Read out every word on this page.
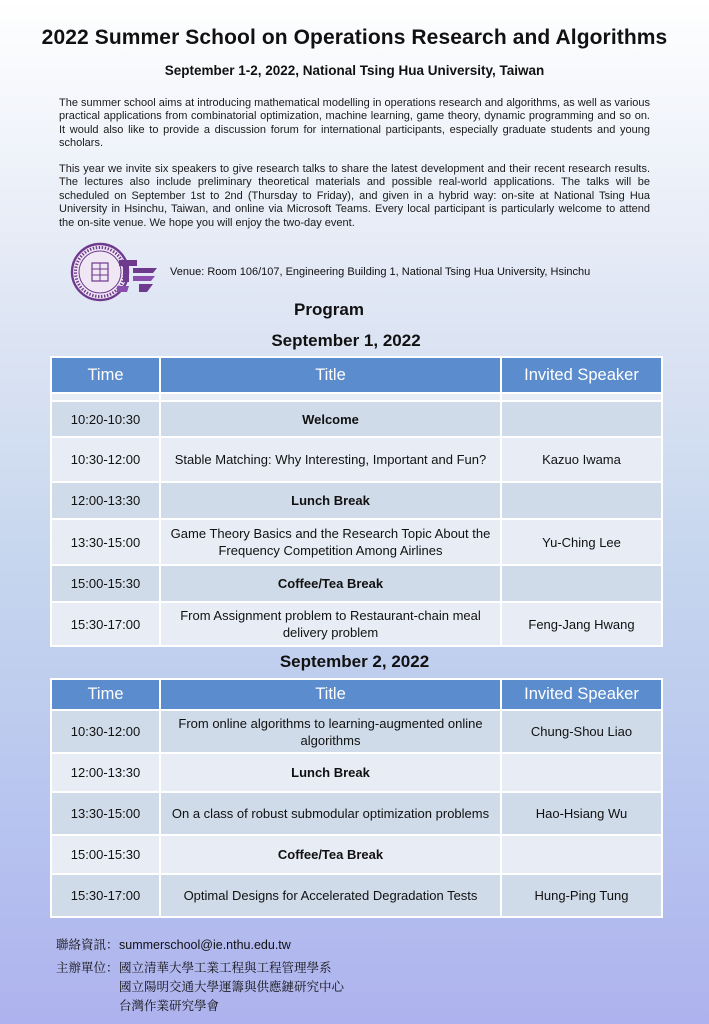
2022 Summer School on Operations Research and Algorithms
September 1-2, 2022, National Tsing Hua University, Taiwan

The summer school aims at introducing mathematical modelling in operations research and algorithms, as well as various practical applications from combinatorial optimization, machine learning, game theory, dynamic programming and so on. It would also like to provide a discussion forum for international participants, especially graduate students and young scholars.

This year we invite six speakers to give research talks to share the latest development and their recent research results. The lectures also include preliminary theoretical materials and possible real-world applications. The talks will be scheduled on September 1st to 2nd (Thursday to Friday), and given in a hybrid way: on-site at National Tsing Hua University in Hsinchu, Taiwan, and online via Microsoft Teams. Every local participant is particularly welcome to attend the on-site venue. We hope you will enjoy the two-day event.

Venue: Room 106/107, Engineering Building 1, National Tsing Hua University, Hsinchu
Program
September 1, 2022
Time	Title	Invited Speaker

10:20-10:30	Welcome	
10:30-12:00	Stable Matching: Why Interesting, Important and Fun?	Kazuo Iwama
12:00-13:30	Lunch Break	
13:30-15:00	Game Theory Basics and the Research Topic About the Frequency Competition Among Airlines	Yu-Ching Lee
15:00-15:30	Coffee/Tea Break	
15:30-17:00	From Assignment problem to Restaurant-chain meal delivery problem	Feng-Jang Hwang
September 2, 2022
Time	Title	Invited Speaker
10:30-12:00	From online algorithms to learning-augmented online algorithms	Chung-Shou Liao
12:00-13:30	Lunch Break	
13:30-15:00	On a class of robust submodular optimization problems	Hao-Hsiang Wu
15:00-15:30	Coffee/Tea Break	
15:30-17:00	Optimal Designs for Accelerated Degradation Tests	Hung-Ping Tung
聯絡資訊：summerschool@ie.nthu.edu.tw
主辦單位：國立清華大學工業工程與工程管理學系
國立陽明交通大學運籌與供應鏈研究中心
台灣作業研究學會
